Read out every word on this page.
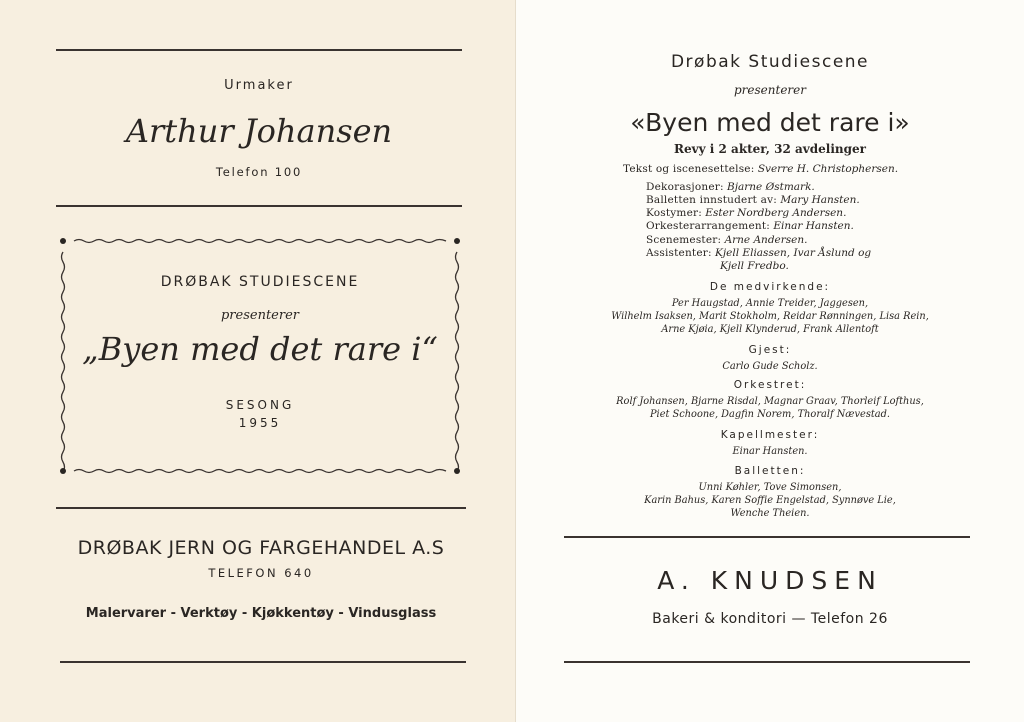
Urmaker
Arthur Johansen
Telefon 100
DRØBAK STUDIESCENE
presenterer
„Byen med det rare i“
SESONG
1955
DRØBAK JERN OG FARGEHANDEL A.S
TELEFON 640
Malervarer - Verktøy - Kjøkkentøy - Vindusglass
Drøbak Studiescene
presenterer
«Byen med det rare i»
Revy i 2 akter, 32 avdelinger
Tekst og iscenesettelse: Sverre H. Christophersen.
Dekorasjoner: Bjarne Østmark.
Balletten innstudert av: Mary Hansten.
Kostymer: Ester Nordberg Andersen.
Orkesterarrangement: Einar Hansten.
Scenemester: Arne Andersen.
Assistenter: Kjell Eliassen, Ivar Åslund og
Kjell Fredbo.
De medvirkende:
Per Haugstad, Annie Treider, Jaggesen,
Wilhelm Isaksen, Marit Stokholm, Reidar Rønningen, Lisa Rein,
Arne Kjøia, Kjell Klynderud, Frank Allentoft
Gjest:
Carlo Gude Scholz.
Orkestret:
Rolf Johansen, Bjarne Risdal, Magnar Graav, Thorleif Lofthus,
Piet Schoone, Dagfin Norem, Thoralf Nævestad.
Kapellmester:
Einar Hansten.
Balletten:
Unni Køhler, Tove Simonsen,
Karin Bahus, Karen Soffie Engelstad, Synnøve Lie,
Wenche Theien.
A. KNUDSEN
Bakeri & konditori — Telefon 26
